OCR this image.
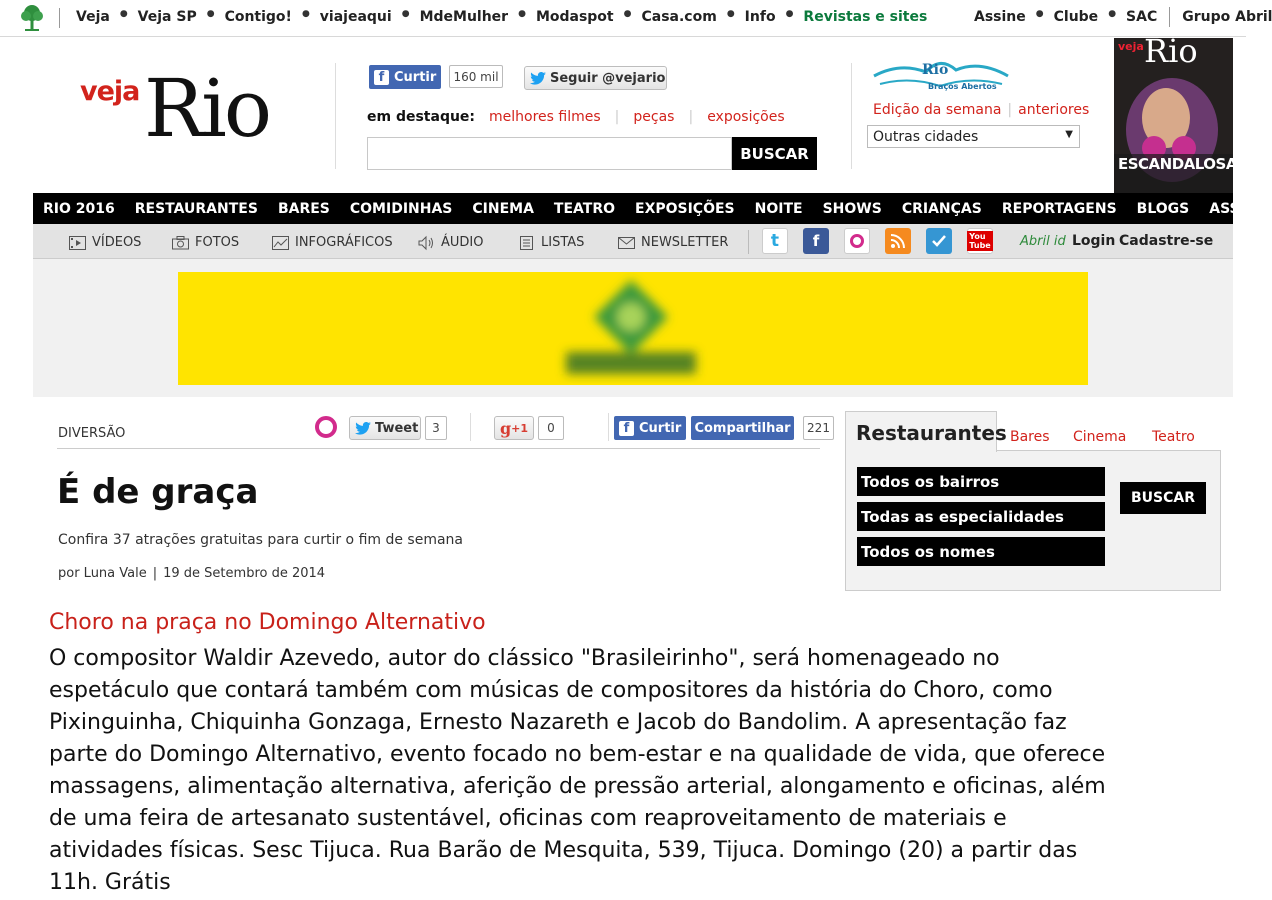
Veja ● Veja SP ● Contigo! ● viajeaqui ● MdeMulher ● Modaspot ● Casa.com ● Info ● Revistas e sites	Assine ● Clube ● SAC Grupo Abril
veja Rio	f Curtir	160 mil	Seguir @vejario
em destaque: melhores filmes | peças | exposições
BUSCAR
Rio
Braços Abertos
Edição da semana | anteriores
Outras cidades	▼
veja Rio
ESCANDALOSA
RIO 2016 RESTAURANTES BARES COMIDINHAS CINEMA TEATRO EXPOSIÇÕES NOITE SHOWS CRIANÇAS REPORTAGENS BLOGS ASSINE
VÍDEOS	FOTOS	INFOGRÁFICOS	ÁUDIO	LISTAS	NEWSLETTER	t	f	You Tube Abril id Login Cadastre-se
DIVERSÃO	Tweet	3	g +1	0	f Curtir Compartilhar	221
É de graça

Confira 37 atrações gratuitas para curtir o fim de semana

por Luna Vale | 19 de Setembro de 2014

Choro na praça no Domingo Alternativo

O compositor Waldir Azevedo, autor do clássico "Brasileirinho", será homenageado no espetáculo que contará também com músicas de compositores da história do Choro, como Pixinguinha, Chiquinha Gonzaga, Ernesto Nazareth e Jacob do Bandolim. A apresentação faz parte do Domingo Alternativo, evento focado no bem-estar e na qualidade de vida, que oferece massagens, alimentação alternativa, aferição de pressão arterial, alongamento e oficinas, além de uma feira de artesanato sustentável, oficinas com reaproveitamento de materiais e atividades físicas. Sesc Tijuca. Rua Barão de Mesquita, 539, Tijuca. Domingo (20) a partir das 11h. Grátis

Restaurantes Bares Cinema Teatro
Todos os bairros
Todas as especialidades
Todos os nomes
BUSCAR
